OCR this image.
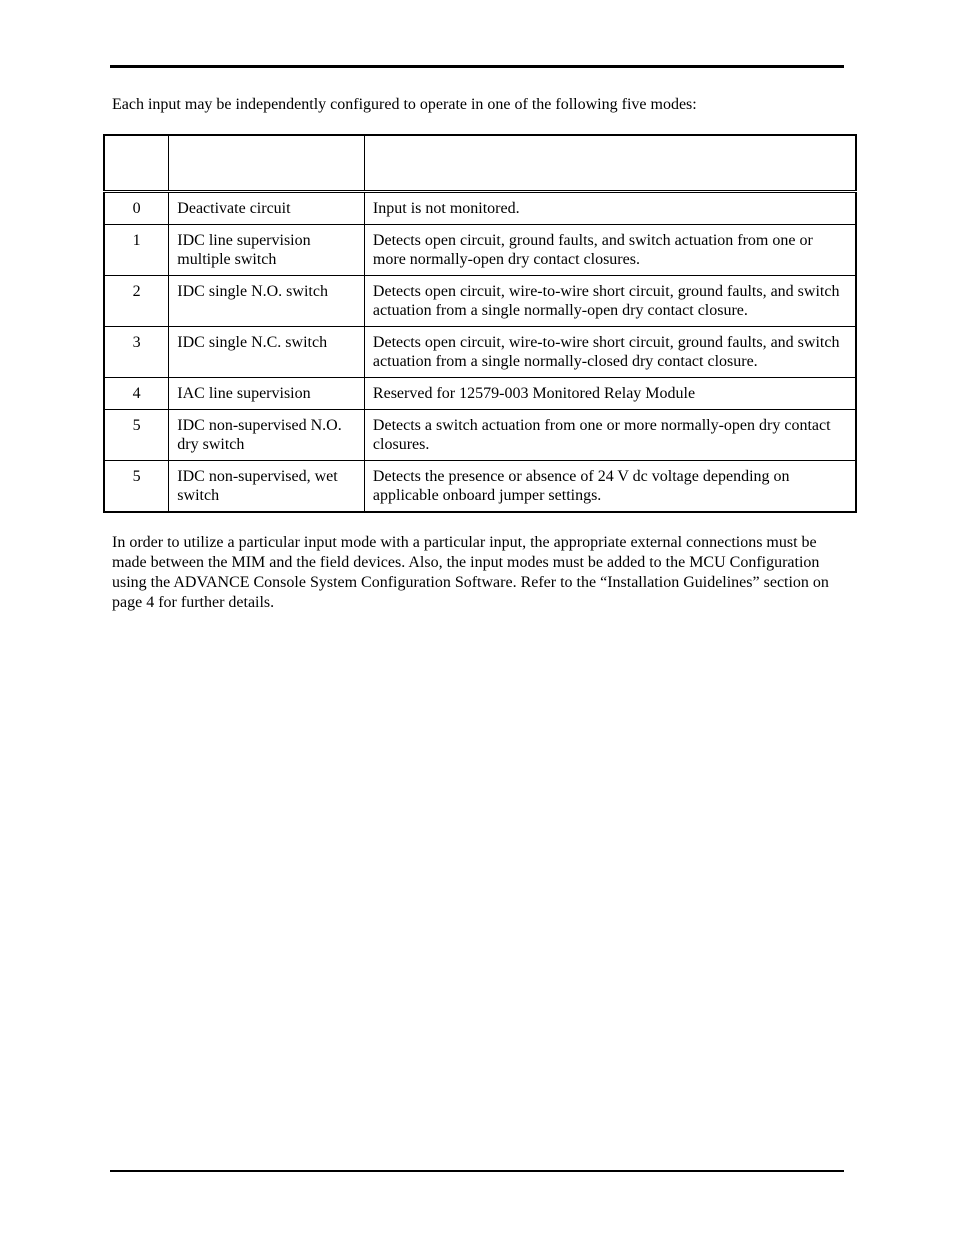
Each input may be independently configured to operate in one of the following five modes:

0	Deactivate circuit	Input is not monitored.
1	IDC line supervision multiple switch	Detects open circuit, ground faults, and switch actuation from one or more normally-open dry contact closures.
2	IDC single N.O. switch	Detects open circuit, wire-to-wire short circuit, ground faults, and switch actuation from a single normally-open dry contact closure.
3	IDC single N.C. switch	Detects open circuit, wire-to-wire short circuit, ground faults, and switch actuation from a single normally-closed dry contact closure.
4	IAC line supervision	Reserved for 12579-003 Monitored Relay Module
5	IDC non-supervised N.O. dry switch	Detects a switch actuation from one or more normally-open dry contact closures.
5	IDC non-supervised, wet switch	Detects the presence or absence of 24 V dc voltage depending on applicable onboard jumper settings.

In order to utilize a particular input mode with a particular input, the appropriate external connections must be made between the MIM and the field devices. Also, the input modes must be added to the MCU Configuration using the ADVANCE Console System Configuration Software. Refer to the “Installation Guidelines” section on page 4 for further details.
